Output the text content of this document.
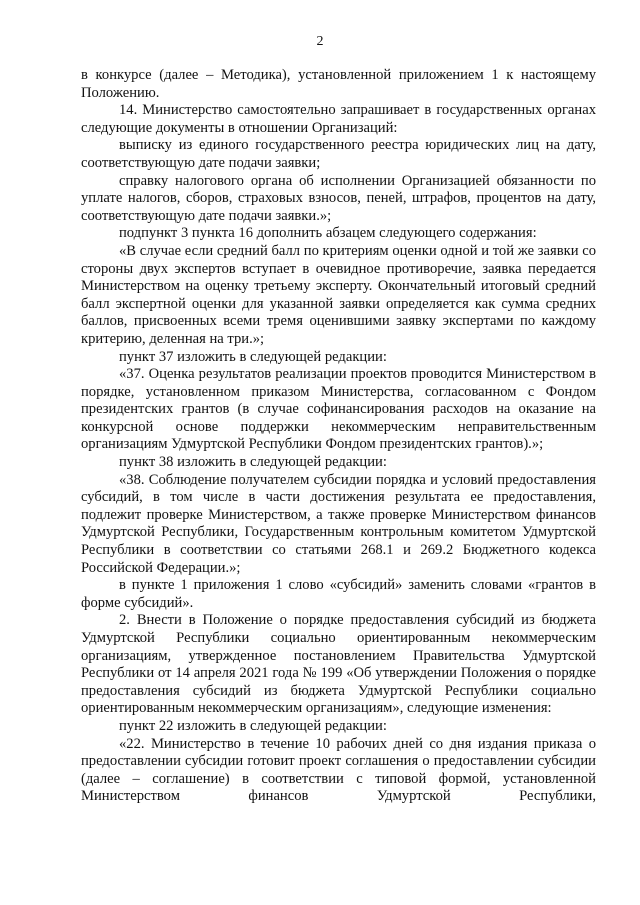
2

в конкурсе (далее – Методика), установленной приложением 1 к настоящему Положению.

14. Министерство самостоятельно запрашивает в государственных органах следующие документы в отношении Организаций:

выписку из единого государственного реестра юридических лиц на дату, соответствующую дате подачи заявки;

справку налогового органа об исполнении Организацией обязанности по уплате налогов, сборов, страховых взносов, пеней, штрафов, процентов на дату, соответствующую дате подачи заявки.»;

подпункт 3 пункта 16 дополнить абзацем следующего содержания:

«В случае если средний балл по критериям оценки одной и той же заявки со стороны двух экспертов вступает в очевидное противоречие, заявка передается Министерством на оценку третьему эксперту. Окончательный итоговый средний балл экспертной оценки для указанной заявки определяется как сумма средних баллов, присвоенных всеми тремя оценившими заявку экспертами по каждому критерию, деленная на три.»;

пункт 37 изложить в следующей редакции:

«37. Оценка результатов реализации проектов проводится Министерством в порядке, установленном приказом Министерства, согласованном с Фондом президентских грантов (в случае софинансирования расходов на оказание на конкурсной основе поддержки некоммерческим неправительственным организациям Удмуртской Республики Фондом президентских грантов).»;

пункт 38 изложить в следующей редакции:

«38. Соблюдение получателем субсидии порядка и условий предоставления субсидий, в том числе в части достижения результата ее предоставления, подлежит проверке Министерством, а также проверке Министерством финансов Удмуртской Республики, Государственным контрольным комитетом Удмуртской Республики в соответствии со статьями 268.1 и 269.2 Бюджетного кодекса Российской Федерации.»;

в пункте 1 приложения 1 слово «субсидий» заменить словами «грантов в форме субсидий».

2. Внести в Положение о порядке предоставления субсидий из бюджета Удмуртской Республики социально ориентированным некоммерческим организациям, утвержденное постановлением Правительства Удмуртской Республики от 14 апреля 2021 года № 199 «Об утверждении Положения о порядке предоставления субсидий из бюджета Удмуртской Республики социально ориентированным некоммерческим организациям», следующие изменения:

пункт 22 изложить в следующей редакции:

«22. Министерство в течение 10 рабочих дней со дня издания приказа о предоставлении субсидии готовит проект соглашения о предоставлении субсидии (далее – соглашение) в соответствии с типовой формой, установленной Министерством финансов Удмуртской Республики,
